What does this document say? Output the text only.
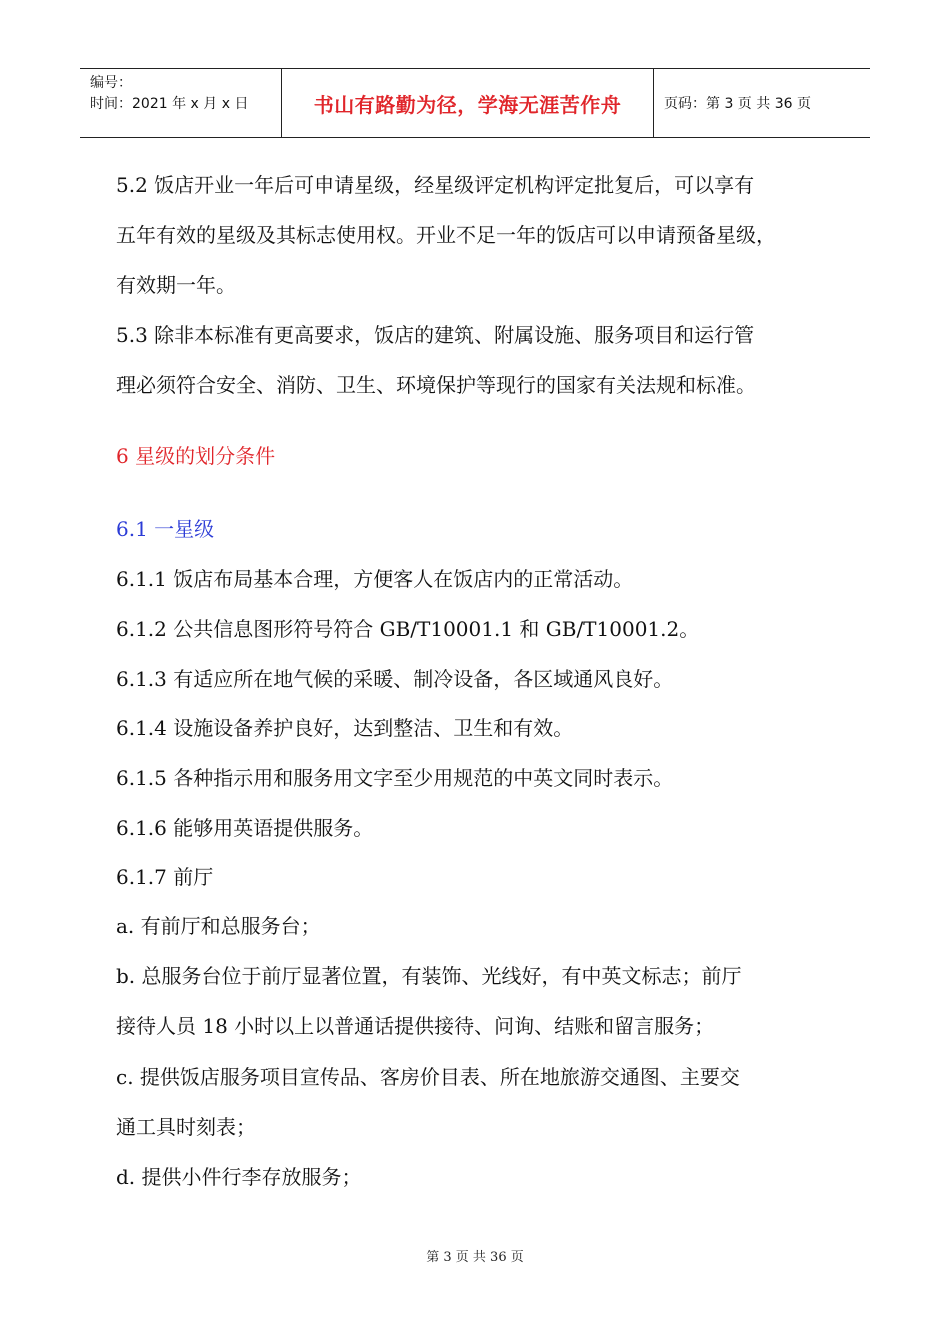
编号：
时间：2021 年 x 月 x 日	书山有路勤为径，学海无涯苦作舟	页码：第 3 页 共 36 页
5.2 饭店开业一年后可申请星级，经星级评定机构评定批复后，可以享有
五年有效的星级及其标志使用权。开业不足一年的饭店可以申请预备星级，
有效期一年。
5.3 除非本标准有更高要求，饭店的建筑、附属设施、服务项目和运行管
理必须符合安全、消防、卫生、环境保护等现行的国家有关法规和标准。
6 星级的划分条件
6.1 一星级
6.1.1 饭店布局基本合理，方便客人在饭店内的正常活动。
6.1.2 公共信息图形符号符合 GB/T10001.1 和 GB/T10001.2。
6.1.3 有适应所在地气候的采暖、制冷设备，各区域通风良好。
6.1.4 设施设备养护良好，达到整洁、卫生和有效。
6.1.5 各种指示用和服务用文字至少用规范的中英文同时表示。
6.1.6 能够用英语提供服务。
6.1.7 前厅
a. 有前厅和总服务台；
b. 总服务台位于前厅显著位置，有装饰、光线好，有中英文标志；前厅
接待人员 18 小时以上以普通话提供接待、问询、结账和留言服务；
c. 提供饭店服务项目宣传品、客房价目表、所在地旅游交通图、主要交
通工具时刻表；
d. 提供小件行李存放服务；
第 3 页 共 36 页
